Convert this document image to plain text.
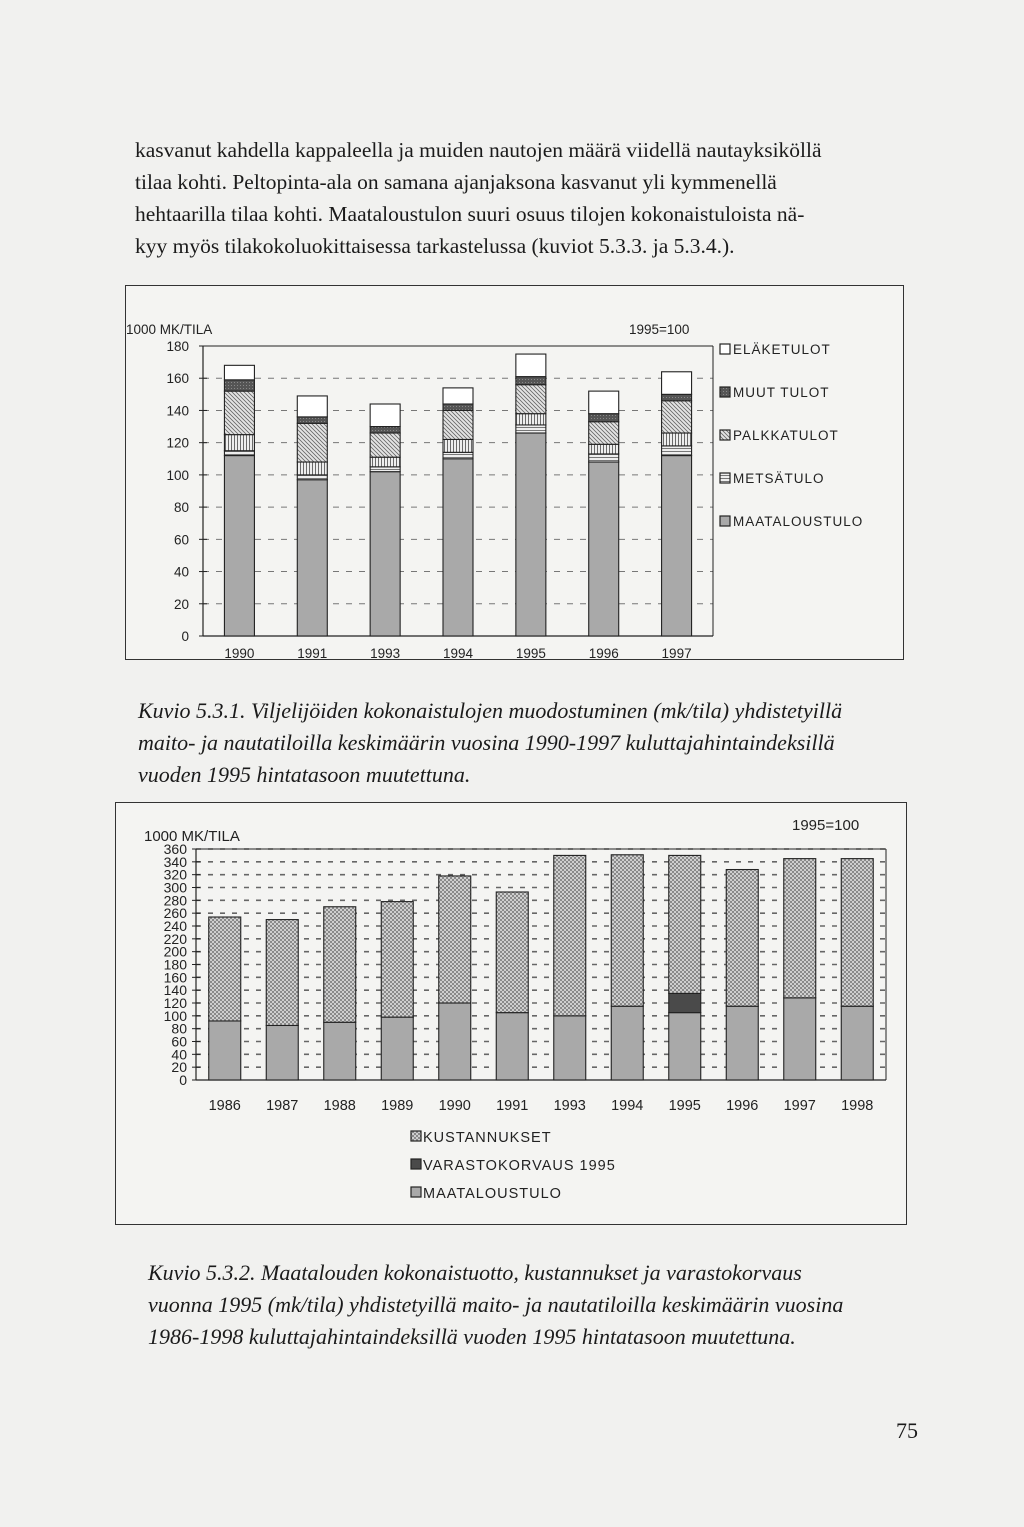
kasvanut kahdella kappaleella ja muiden nautojen määrä viidellä nautayksiköllä
tilaa kohti. Peltopinta-ala on samana ajanjaksona kasvanut yli kymmenellä
hehtaarilla tilaa kohti. Maataloustulon suuri osuus tilojen kokonaistuloista nä-
kyy myös tilakokoluokittaisessa tarkastelussa (kuviot 5.3.3. ja 5.3.4.).
1000 MK/TILA	1995=100
0
20
40
60
80
100
120
140
160
180
1990	1991	1993	1994	1995	1996	1997
ELÄKETULOT
MUUT TULOT
PALKKATULOT
METSÄTULO
MAATALOUSTULO
Kuvio 5.3.1. Viljelijöiden kokonaistulojen muodostuminen (mk/tila) yhdistetyillä
maito- ja nautatiloilla keskimäärin vuosina 1990-1997 kuluttajahintaindeksillä
vuoden 1995 hintatasoon muutettuna.
1000 MK/TILA
1995=100
0
20
40
60
80
100
120
140
160
180
200
220
240
260
280
300
320
340
360
1986 1987 1988 1989 1990 1991 1993 1994 1995 1996 1997 1998
KUSTANNUKSET
VARASTOKORVAUS 1995
MAATALOUSTULO
Kuvio 5.3.2. Maatalouden kokonaistuotto, kustannukset ja varastokorvaus
vuonna 1995 (mk/tila) yhdistetyillä maito- ja nautatiloilla keskimäärin vuosina
1986-1998 kuluttajahintaindeksillä vuoden 1995 hintatasoon muutettuna.
75
